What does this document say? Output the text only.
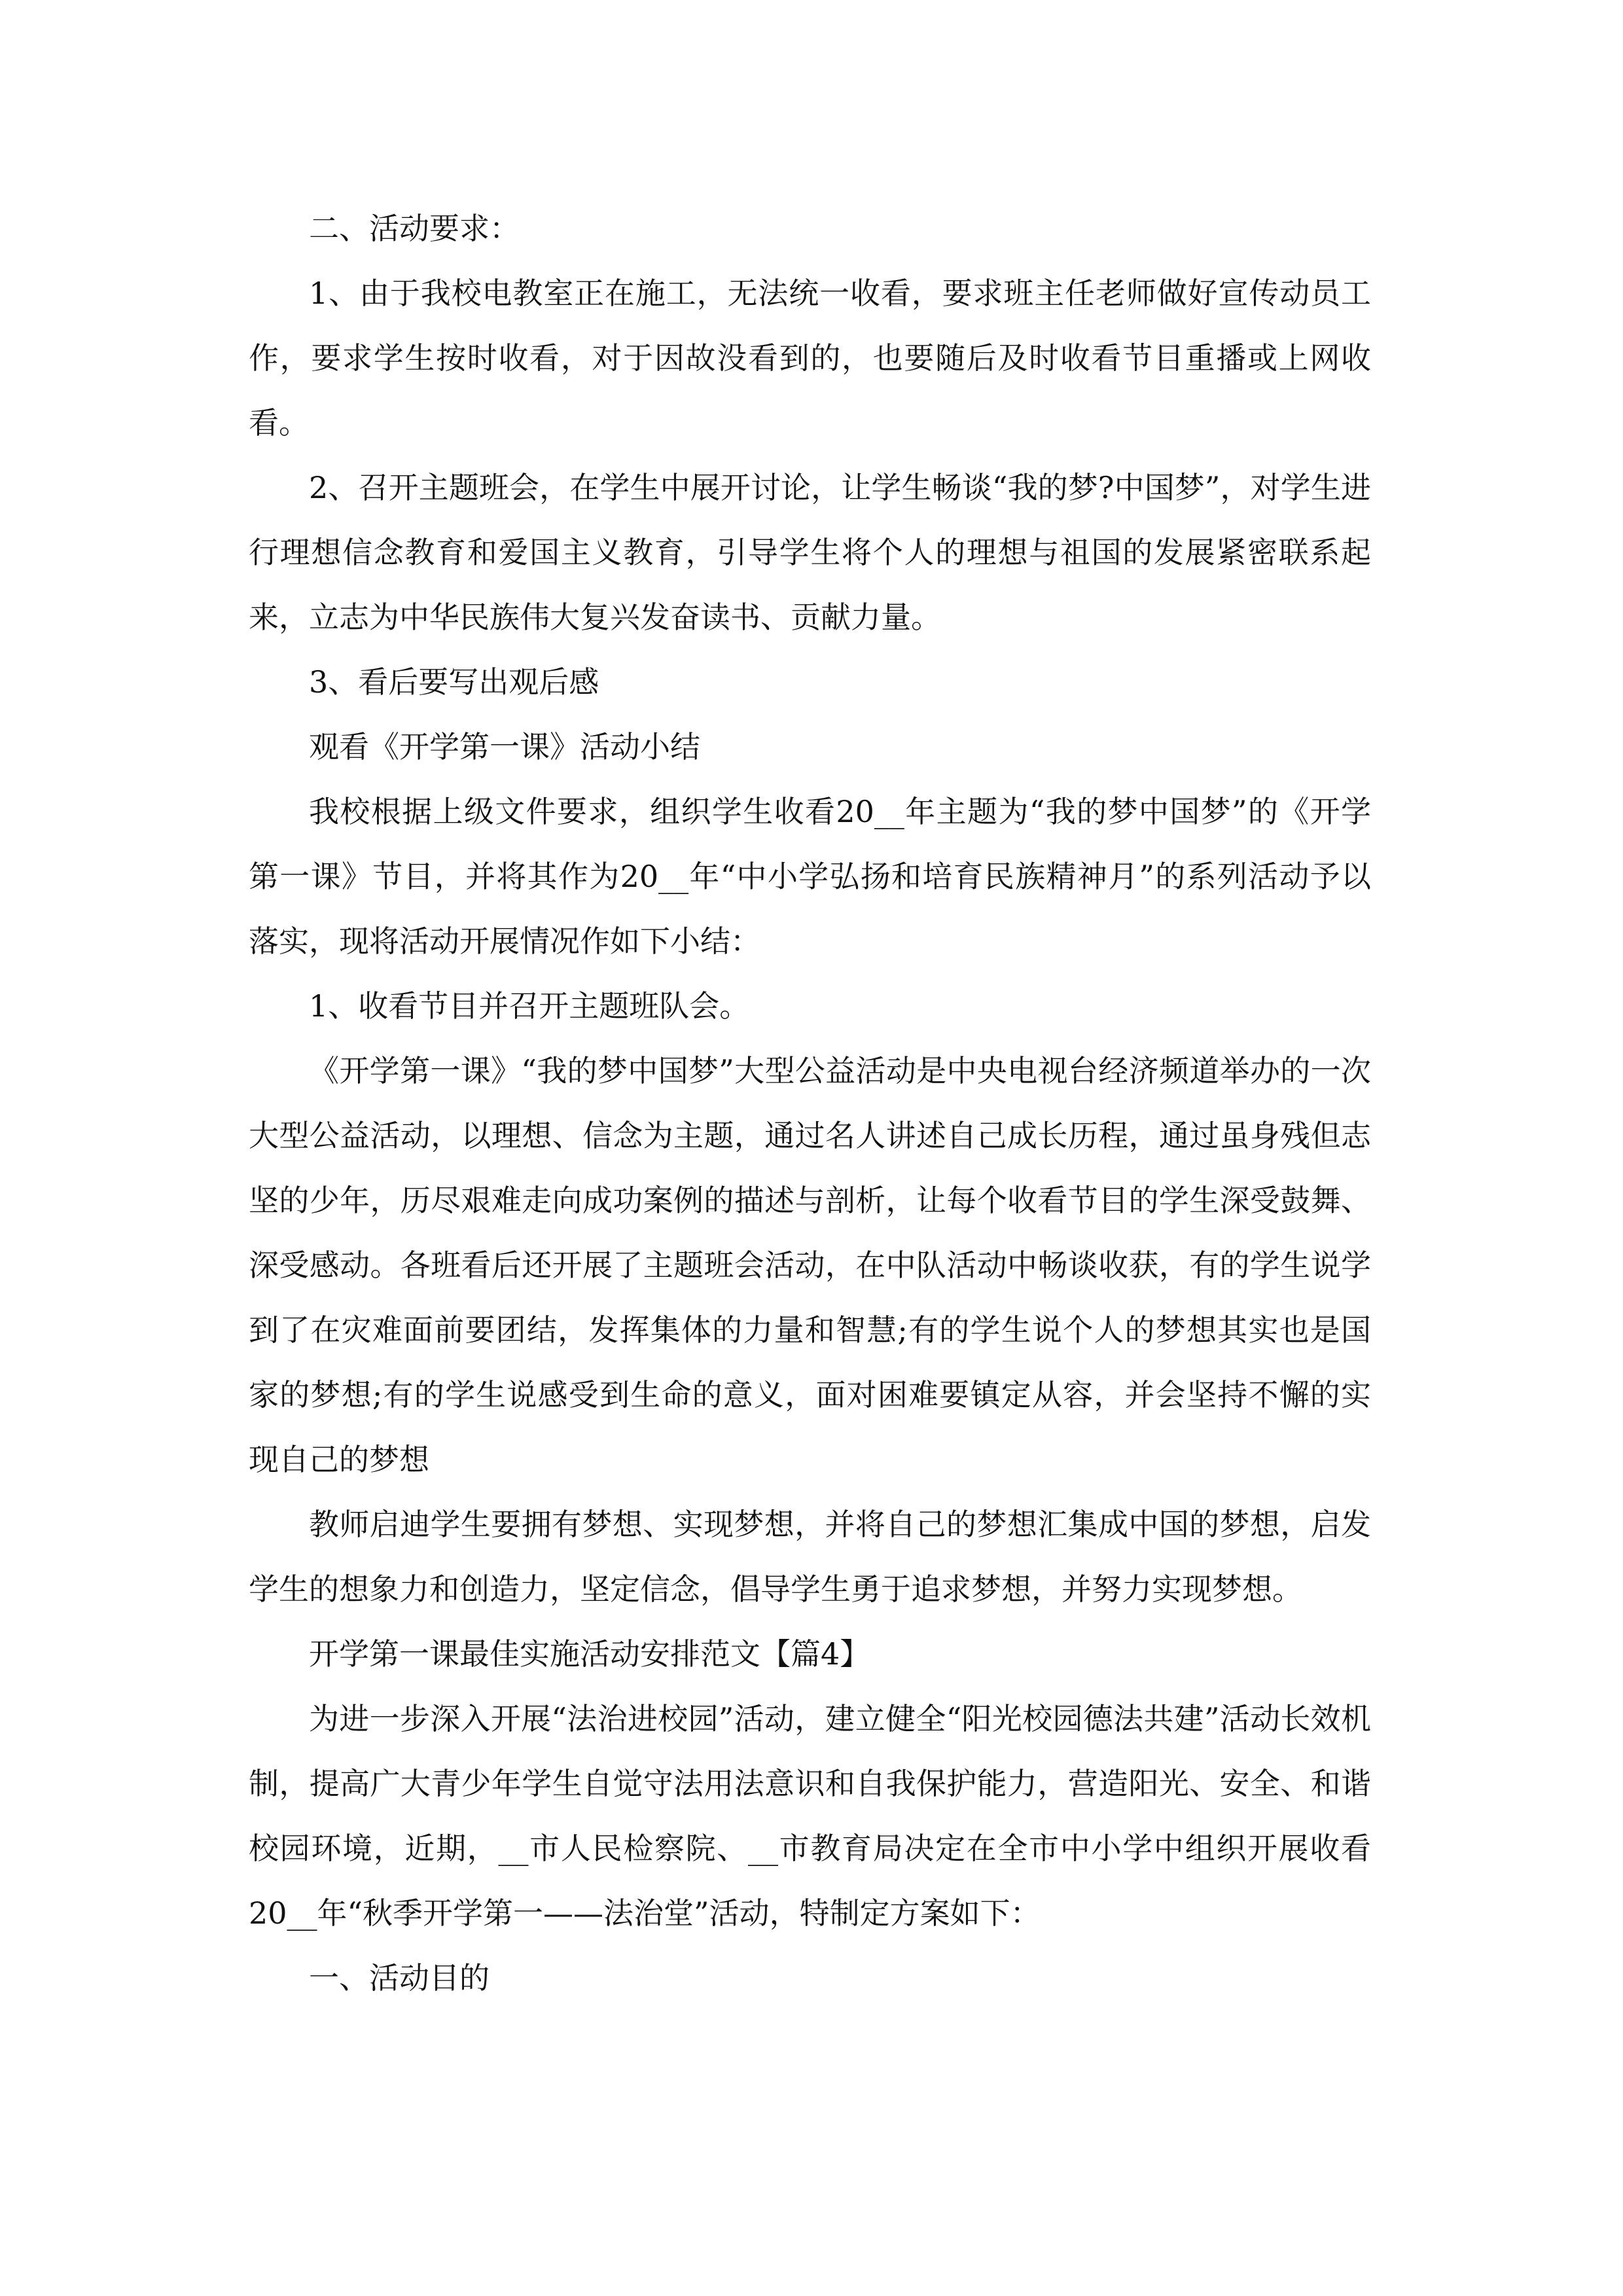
二、活动要求：

1、由于我校电教室正在施工，无法统一收看，要求班主任老师做好宣传动员工作，要求学生按时收看，对于因故没看到的，也要随后及时收看节目重播或上网收看。

2、召开主题班会，在学生中展开讨论，让学生畅谈“我的梦?中国梦”，对学生进行理想信念教育和爱国主义教育，引导学生将个人的理想与祖国的发展紧密联系起来，立志为中华民族伟大复兴发奋读书、贡献力量。

3、看后要写出观后感

观看《开学第一课》活动小结

我校根据上级文件要求，组织学生收看20__年主题为“我的梦中国梦”的《开学第一课》节目，并将其作为20__年“中小学弘扬和培育民族精神月”的系列活动予以落实，现将活动开展情况作如下小结：

1、收看节目并召开主题班队会。

《开学第一课》“我的梦中国梦”大型公益活动是中央电视台经济频道举办的一次大型公益活动，以理想、信念为主题，通过名人讲述自己成长历程，通过虽身残但志坚的少年，历尽艰难走向成功案例的描述与剖析，让每个收看节目的学生深受鼓舞、深受感动。各班看后还开展了主题班会活动，在中队活动中畅谈收获，有的学生说学到了在灾难面前要团结，发挥集体的力量和智慧;有的学生说个人的梦想其实也是国家的梦想;有的学生说感受到生命的意义，面对困难要镇定从容，并会坚持不懈的实现自己的梦想

教师启迪学生要拥有梦想、实现梦想，并将自己的梦想汇集成中国的梦想，启发学生的想象力和创造力，坚定信念，倡导学生勇于追求梦想，并努力实现梦想。

开学第一课最佳实施活动安排范文【篇4】

为进一步深入开展“法治进校园”活动，建立健全“阳光校园德法共建”活动长效机制，提高广大青少年学生自觉守法用法意识和自我保护能力，营造阳光、安全、和谐校园环境，近期，__市人民检察院、__市教育局决定在全市中小学中组织开展收看20__年“秋季开学第一——法治堂”活动，特制定方案如下：

一、活动目的
